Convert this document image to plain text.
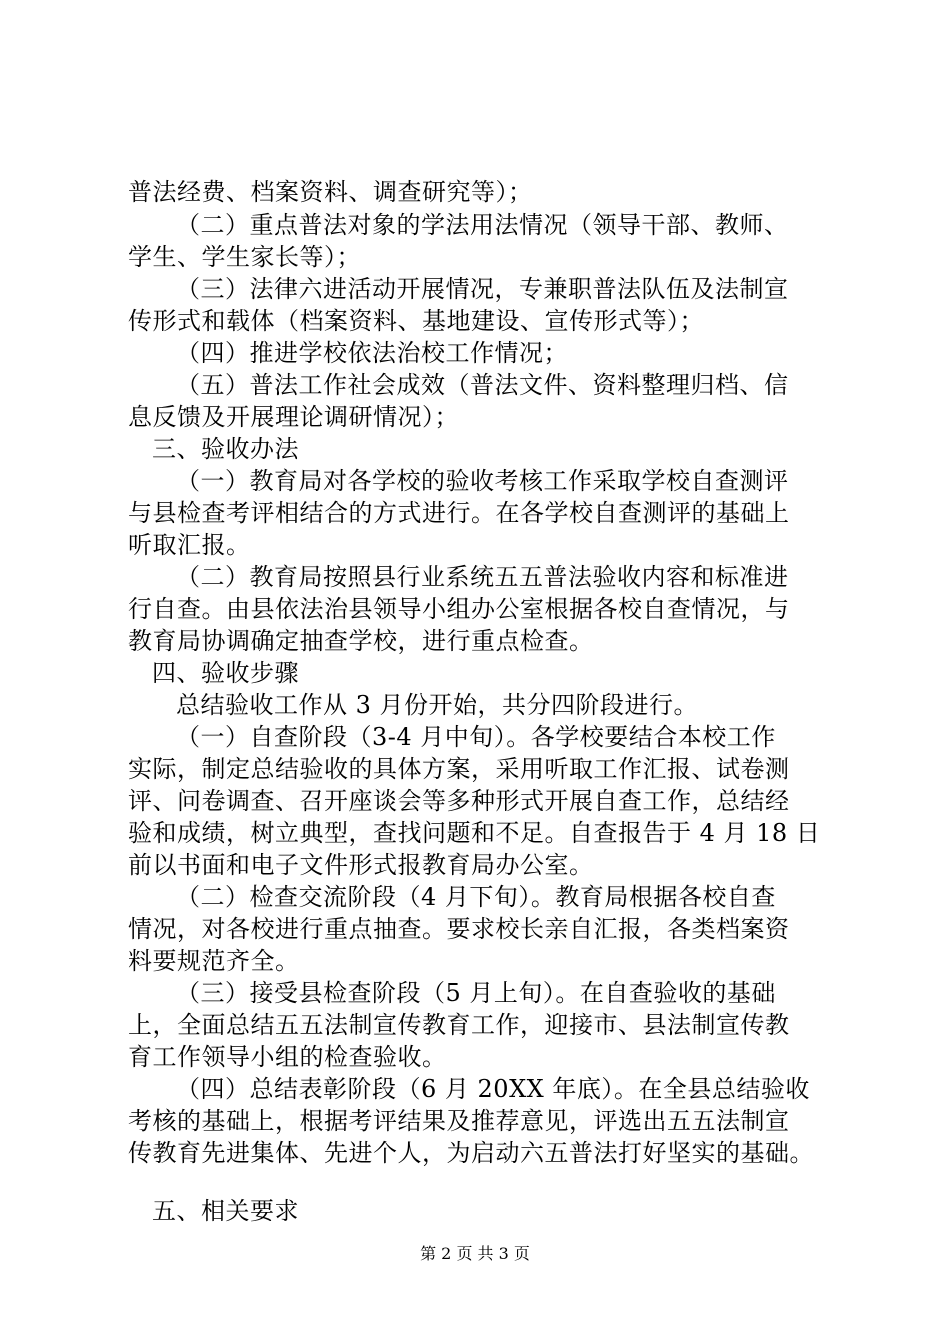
普法经费、档案资料、调查研究等）；
（二）重点普法对象的学法用法情况（领导干部、教师、
学生、学生家长等）；
（三）法律六进活动开展情况，专兼职普法队伍及法制宣
传形式和载体（档案资料、基地建设、宣传形式等）；
（四）推进学校依法治校工作情况；
（五）普法工作社会成效（普法文件、资料整理归档、信
息反馈及开展理论调研情况）；
三、验收办法
（一）教育局对各学校的验收考核工作采取学校自查测评
与县检查考评相结合的方式进行。在各学校自查测评的基础上
听取汇报。
（二）教育局按照县行业系统五五普法验收内容和标准进
行自查。由县依法治县领导小组办公室根据各校自查情况，与
教育局协调确定抽查学校，进行重点检查。
四、验收步骤
总结验收工作从 3 月份开始，共分四阶段进行。
（一）自查阶段（3-4 月中旬）。各学校要结合本校工作
实际，制定总结验收的具体方案，采用听取工作汇报、试卷测
评、问卷调查、召开座谈会等多种形式开展自查工作，总结经
验和成绩，树立典型，查找问题和不足。自查报告于 4 月 18 日
前以书面和电子文件形式报教育局办公室。
（二）检查交流阶段（4 月下旬）。教育局根据各校自查
情况，对各校进行重点抽查。要求校长亲自汇报，各类档案资
料要规范齐全。
（三）接受县检查阶段（5 月上旬）。在自查验收的基础
上，全面总结五五法制宣传教育工作，迎接市、县法制宣传教
育工作领导小组的检查验收。
（四）总结表彰阶段（6 月 20XX 年底）。在全县总结验收
考核的基础上，根据考评结果及推荐意见，评选出五五法制宣
传教育先进集体、先进个人，为启动六五普法打好坚实的基础。
五、相关要求
第 2 页 共 3 页
